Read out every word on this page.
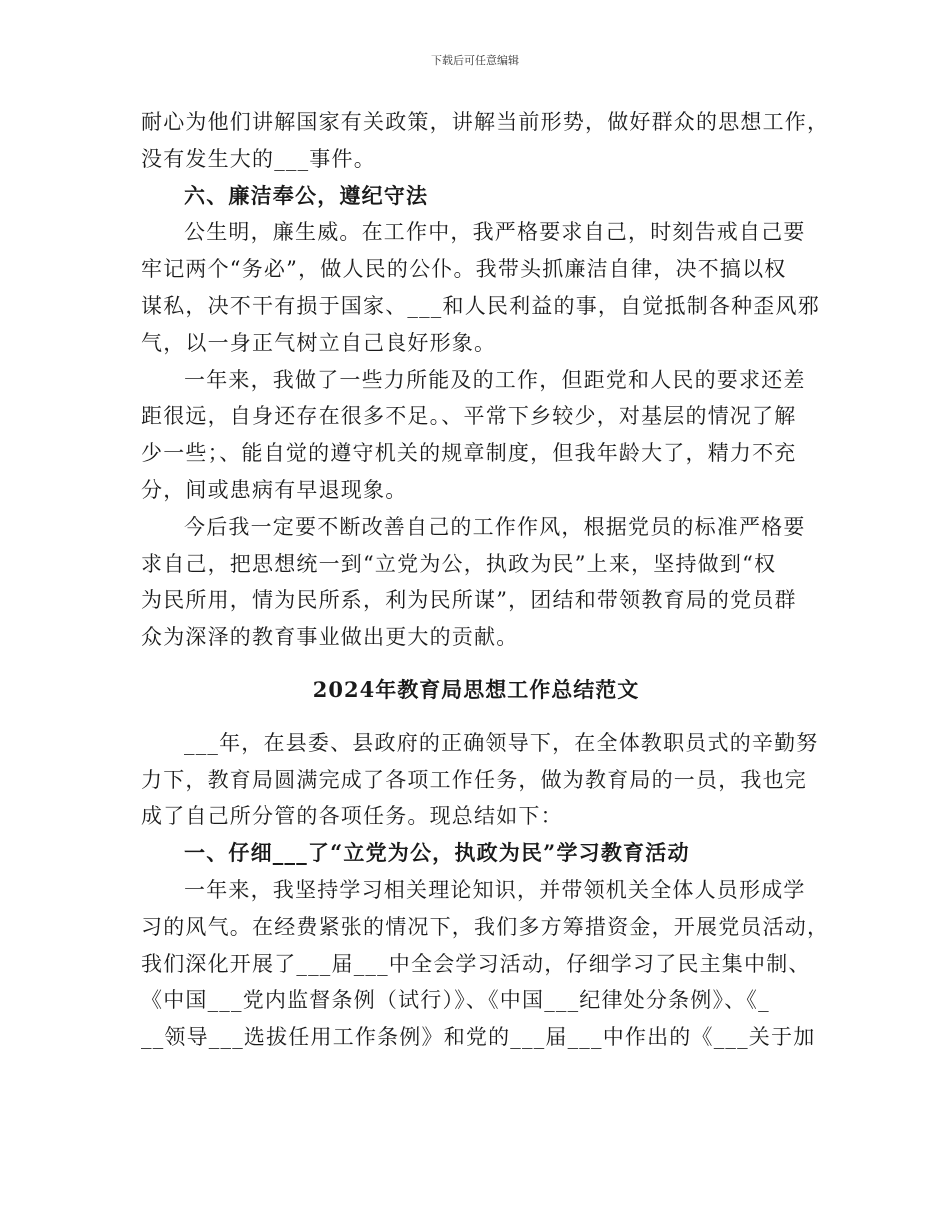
下载后可任意编辑

耐心为他们讲解国家有关政策，讲解当前形势，做好群众的思想工作，

没有发生大的___事件。

六、廉洁奉公，遵纪守法

公生明，廉生威。在工作中，我严格要求自己，时刻告戒自己要

牢记两个“务必”，做人民的公仆。我带头抓廉洁自律，决不搞以权

谋私，决不干有损于国家、___和人民利益的事，自觉抵制各种歪风邪

气，以一身正气树立自己良好形象。

一年来，我做了一些力所能及的工作，但距党和人民的要求还差

距很远，自身还存在很多不足。、平常下乡较少，对基层的情况了解

少一些；、能自觉的遵守机关的规章制度，但我年龄大了，精力不充

分，间或患病有早退现象。

今后我一定要不断改善自己的工作作风，根据党员的标准严格要

求自己，把思想统一到“立党为公，执政为民”上来，坚持做到“权

为民所用，情为民所系，利为民所谋”，团结和带领教育局的党员群

众为深泽的教育事业做出更大的贡献。

2024年教育局思想工作总结范文

___年，在县委、县政府的正确领导下，在全体教职员式的辛勤努

力下，教育局圆满完成了各项工作任务，做为教育局的一员，我也完

成了自己所分管的各项任务。现总结如下：

一、仔细___了“立党为公，执政为民”学习教育活动

一年来，我坚持学习相关理论知识，并带领机关全体人员形成学

习的风气。在经费紧张的情况下，我们多方筹措资金，开展党员活动，

我们深化开展了___届___中全会学习活动，仔细学习了民主集中制、

《中国___党内监督条例（试行）》、《中国___纪律处分条例》、《_

__领导___选拔任用工作条例》和党的___届___中作出的《___关于加
